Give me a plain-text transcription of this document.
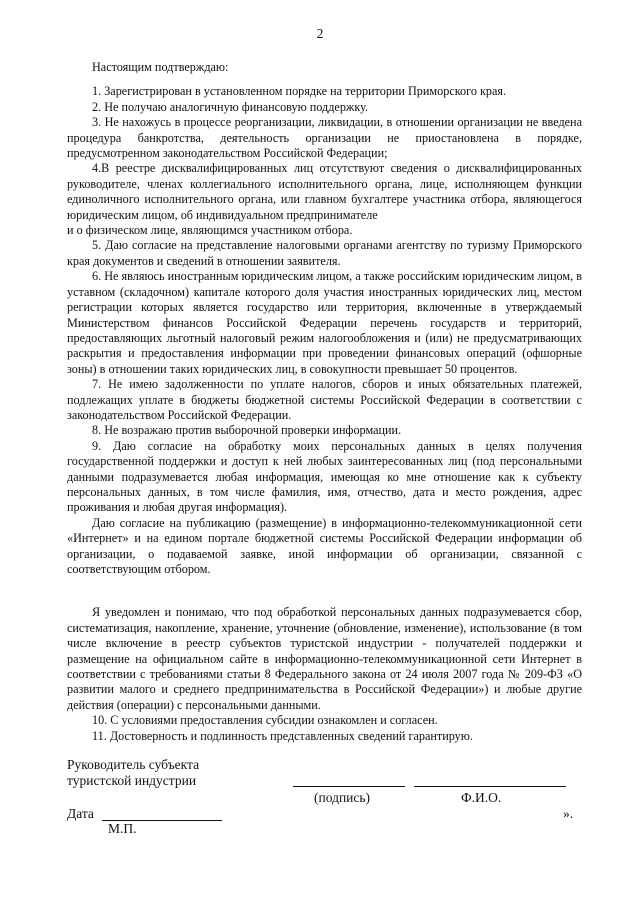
2

Настоящим подтверждаю:

1. Зарегистрирован в установленном порядке на территории Приморского края.

2. Не получаю аналогичную финансовую поддержку.

3. Не нахожусь в процессе реорганизации, ликвидации, в отношении организации не введена процедура банкротства, деятельность организации не приостановлена в порядке, предусмотренном законодательством Российской Федерации;

4.В реестре дисквалифицированных лиц отсутствуют сведения о дисквалифицированных руководителе, членах коллегиального исполнительного органа, лице, исполняющем функции единоличного исполнительного органа, или главном бухгалтере участника отбора, являющегося юридическим лицом, об индивидуальном предпринимателе

и о физическом лице, являющимся участником отбора.

5. Даю согласие на представление налоговыми органами агентству по туризму Приморского края документов и сведений в отношении заявителя.

6. Не являюсь иностранным юридическим лицом, а также российским юридическим лицом, в уставном (складочном) капитале которого доля участия иностранных юридических лиц, местом регистрации которых является государство или территория, включенные в утверждаемый Министерством финансов Российской Федерации перечень государств и территорий, предоставляющих льготный налоговый режим налогообложения и (или) не предусматривающих раскрытия и предоставления информации при проведении финансовых операций (офшорные зоны) в отношении таких юридических лиц, в совокупности превышает 50 процентов.

7. Не имею задолженности по уплате налогов, сборов и иных обязательных платежей, подлежащих уплате в бюджеты бюджетной системы Российской Федерации в соответствии с законодательством Российской Федерации.

8. Не возражаю против выборочной проверки информации.

9. Даю согласие на обработку моих персональных данных в целях получения государственной поддержки и доступ к ней любых заинтересованных лиц (под персональными данными подразумевается любая информация, имеющая ко мне отношение как к субъекту персональных данных, в том числе фамилия, имя, отчество, дата и место рождения, адрес проживания и любая другая информация).

Даю согласие на публикацию (размещение) в информационно-телекоммуникационной сети «Интернет» и на едином портале бюджетной системы Российской Федерации информации об организации, о подаваемой заявке, иной информации об организации, связанной с соответствующим отбором.

Я уведомлен и понимаю, что под обработкой персональных данных подразумевается сбор, систематизация, накопление, хранение, уточнение (обновление, изменение), использование (в том числе включение в реестр субъектов туристской индустрии - получателей поддержки и размещение на официальном сайте в информационно-телекоммуникационной сети Интернет в соответствии с требованиями статьи 8 Федерального закона от 24 июля 2007 года № 209-ФЗ «О развитии малого и среднего предпринимательства в Российской Федерации») и любые другие действия (операции) с персональными данными.

10. С условиями предоставления субсидии ознакомлен и согласен.

11. Достоверность и подлинность представленных сведений гарантирую.

Руководитель субъекта
туристской индустрии
(подпись)	Ф.И.О.
Дата	».
М.П.
